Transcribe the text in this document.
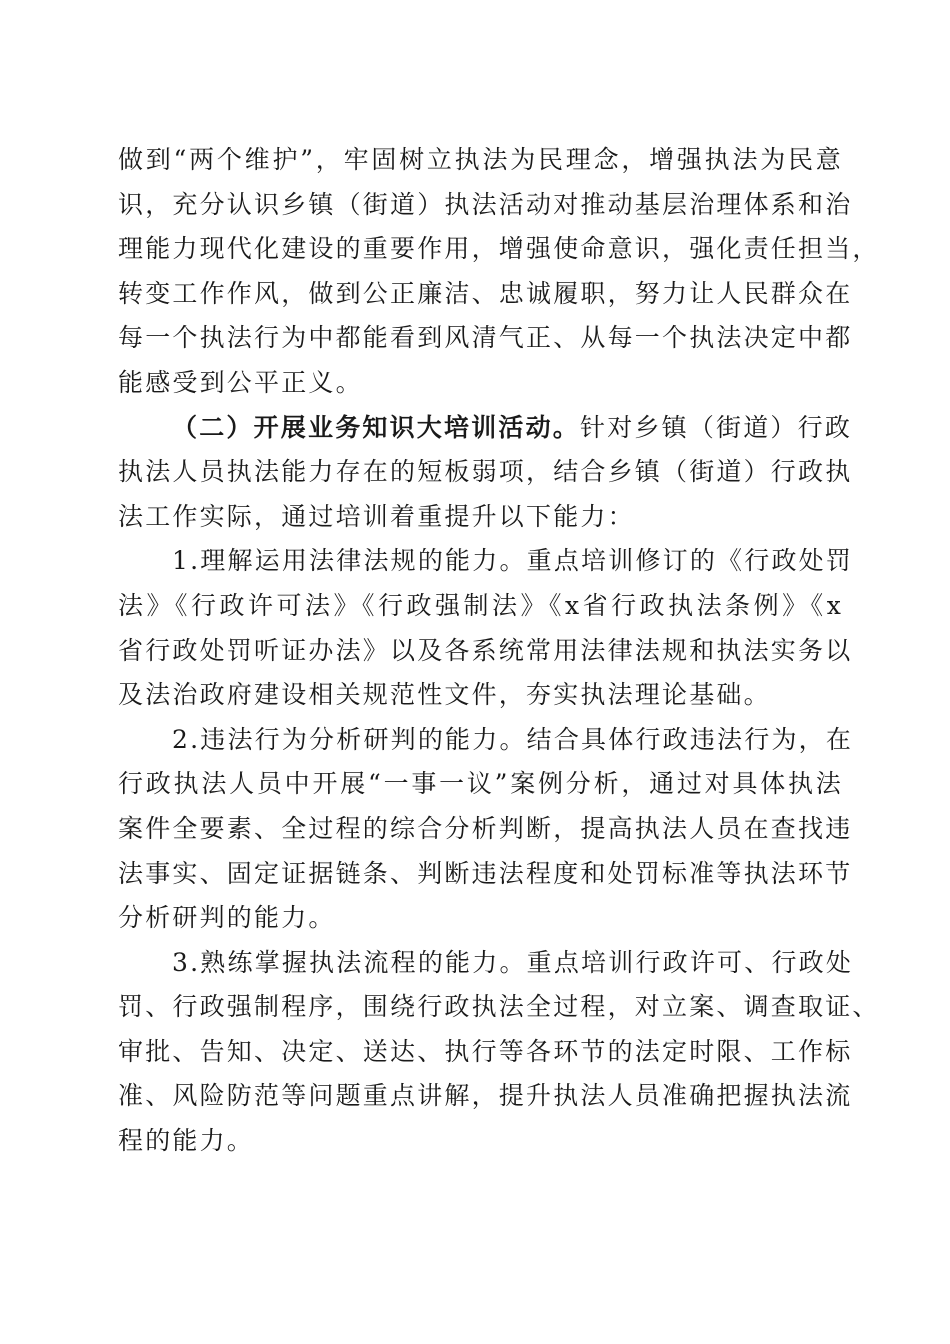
做到“两个维护”，牢固树立执法为民理念，增强执法为民意
识，充分认识乡镇（街道）执法活动对推动基层治理体系和治
理能力现代化建设的重要作用，增强使命意识，强化责任担当，
转变工作作风，做到公正廉洁、忠诚履职，努力让人民群众在
每一个执法行为中都能看到风清气正、从每一个执法决定中都
能感受到公平正义。
（二）开展业务知识大培训活动。针对乡镇（街道）行政
执法人员执法能力存在的短板弱项，结合乡镇（街道）行政执
法工作实际，通过培训着重提升以下能力：
1.理解运用法律法规的能力。重点培训修订的《行政处罚
法》《行政许可法》《行政强制法》《x省行政执法条例》《x
省行政处罚听证办法》以及各系统常用法律法规和执法实务以
及法治政府建设相关规范性文件，夯实执法理论基础。
2.违法行为分析研判的能力。结合具体行政违法行为，在
行政执法人员中开展“一事一议”案例分析，通过对具体执法
案件全要素、全过程的综合分析判断，提高执法人员在查找违
法事实、固定证据链条、判断违法程度和处罚标准等执法环节
分析研判的能力。
3.熟练掌握执法流程的能力。重点培训行政许可、行政处
罚、行政强制程序，围绕行政执法全过程，对立案、调查取证、
审批、告知、决定、送达、执行等各环节的法定时限、工作标
准、风险防范等问题重点讲解，提升执法人员准确把握执法流
程的能力。
